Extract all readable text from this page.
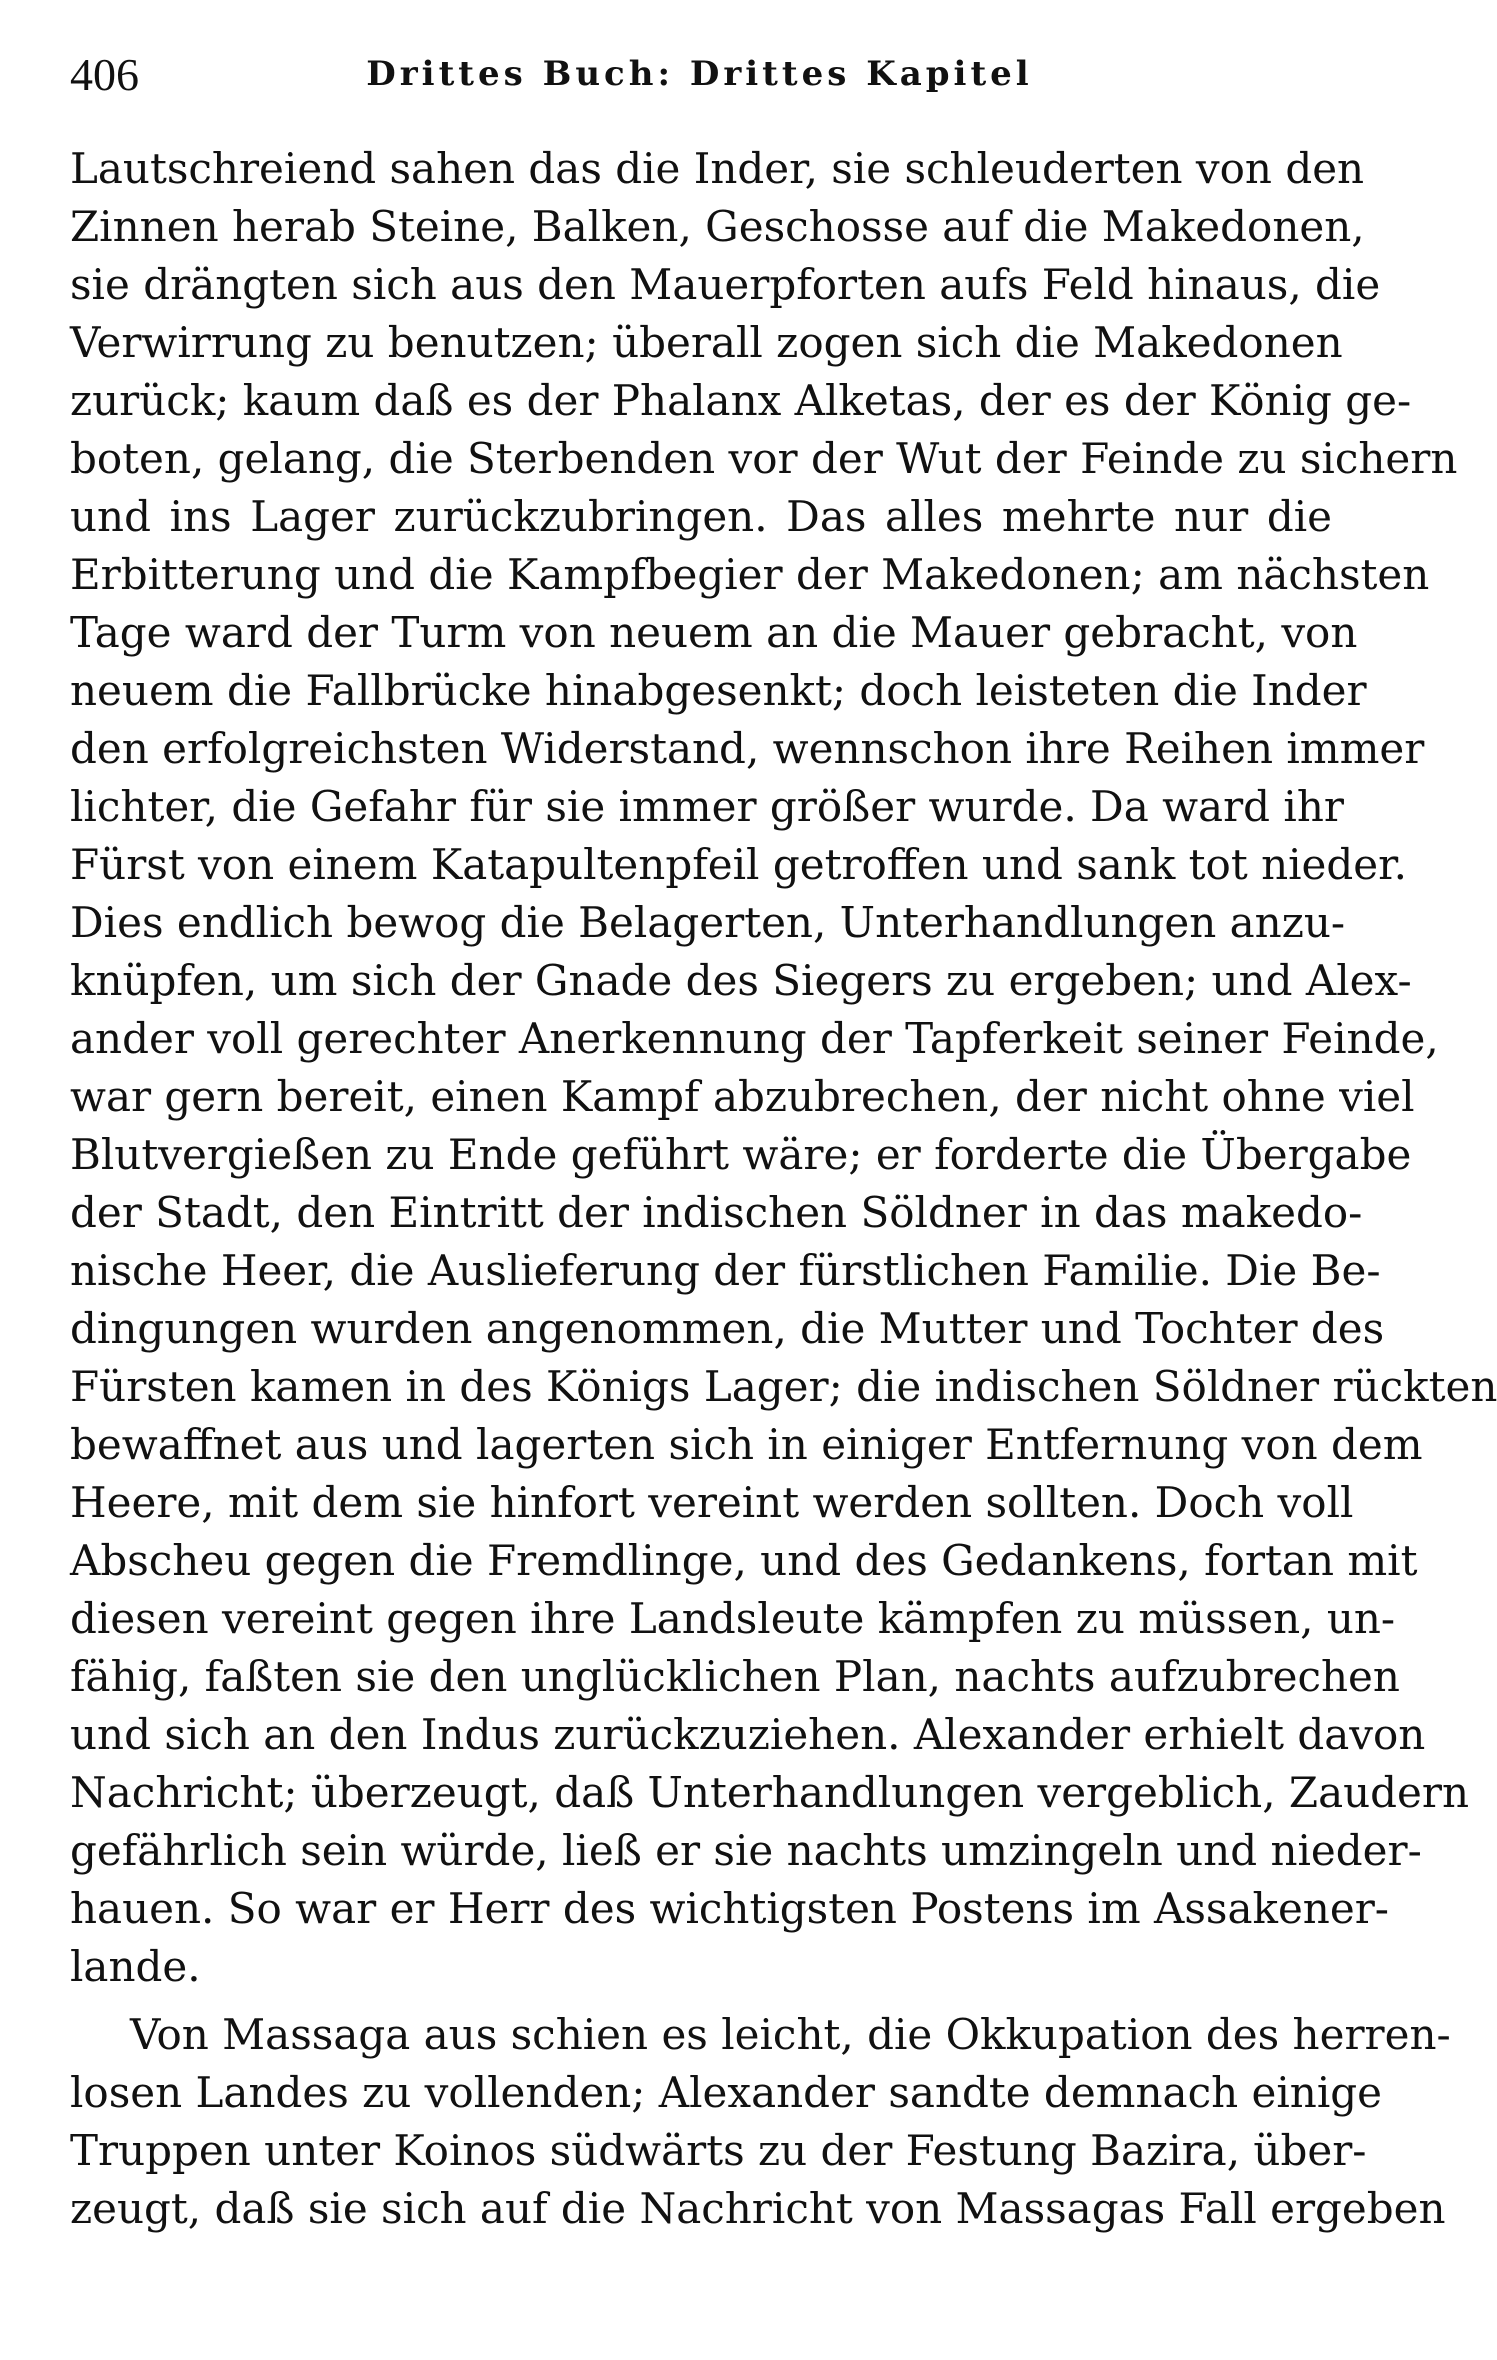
406	Drittes Buch: Drittes Kapitel
Lautschreiend sahen das die Inder, sie schleuderten von den
Zinnen herab Steine, Balken, Geschosse auf die Makedonen,
sie drängten sich aus den Mauerpforten aufs Feld hinaus, die
Verwirrung zu benutzen; überall zogen sich die Makedonen
zurück; kaum daß es der Phalanx Alketas, der es der König ge-
boten, gelang, die Sterbenden vor der Wut der Feinde zu sichern
und ins Lager zurückzubringen. Das alles mehrte nur die
Erbitterung und die Kampfbegier der Makedonen; am nächsten
Tage ward der Turm von neuem an die Mauer gebracht, von
neuem die Fallbrücke hinabgesenkt; doch leisteten die Inder
den erfolgreichsten Widerstand, wennschon ihre Reihen immer
lichter, die Gefahr für sie immer größer wurde. Da ward ihr
Fürst von einem Katapultenpfeil getroffen und sank tot nieder.
Dies endlich bewog die Belagerten, Unterhandlungen anzu-
knüpfen, um sich der Gnade des Siegers zu ergeben; und Alex-
ander voll gerechter Anerkennung der Tapferkeit seiner Feinde,
war gern bereit, einen Kampf abzubrechen, der nicht ohne viel
Blutvergießen zu Ende geführt wäre; er forderte die Übergabe
der Stadt, den Eintritt der indischen Söldner in das makedo-
nische Heer, die Auslieferung der fürstlichen Familie. Die Be-
dingungen wurden angenommen, die Mutter und Tochter des
Fürsten kamen in des Königs Lager; die indischen Söldner rückten
bewaffnet aus und lagerten sich in einiger Entfernung von dem
Heere, mit dem sie hinfort vereint werden sollten. Doch voll
Abscheu gegen die Fremdlinge, und des Gedankens, fortan mit
diesen vereint gegen ihre Landsleute kämpfen zu müssen, un-
fähig, faßten sie den unglücklichen Plan, nachts aufzubrechen
und sich an den Indus zurückzuziehen. Alexander erhielt davon
Nachricht; überzeugt, daß Unterhandlungen vergeblich, Zaudern
gefährlich sein würde, ließ er sie nachts umzingeln und nieder-
hauen. So war er Herr des wichtigsten Postens im Assakener-
lande.
Von Massaga aus schien es leicht, die Okkupation des herren-
losen Landes zu vollenden; Alexander sandte demnach einige
Truppen unter Koinos südwärts zu der Festung Bazira, über-
zeugt, daß sie sich auf die Nachricht von Massagas Fall ergeben
